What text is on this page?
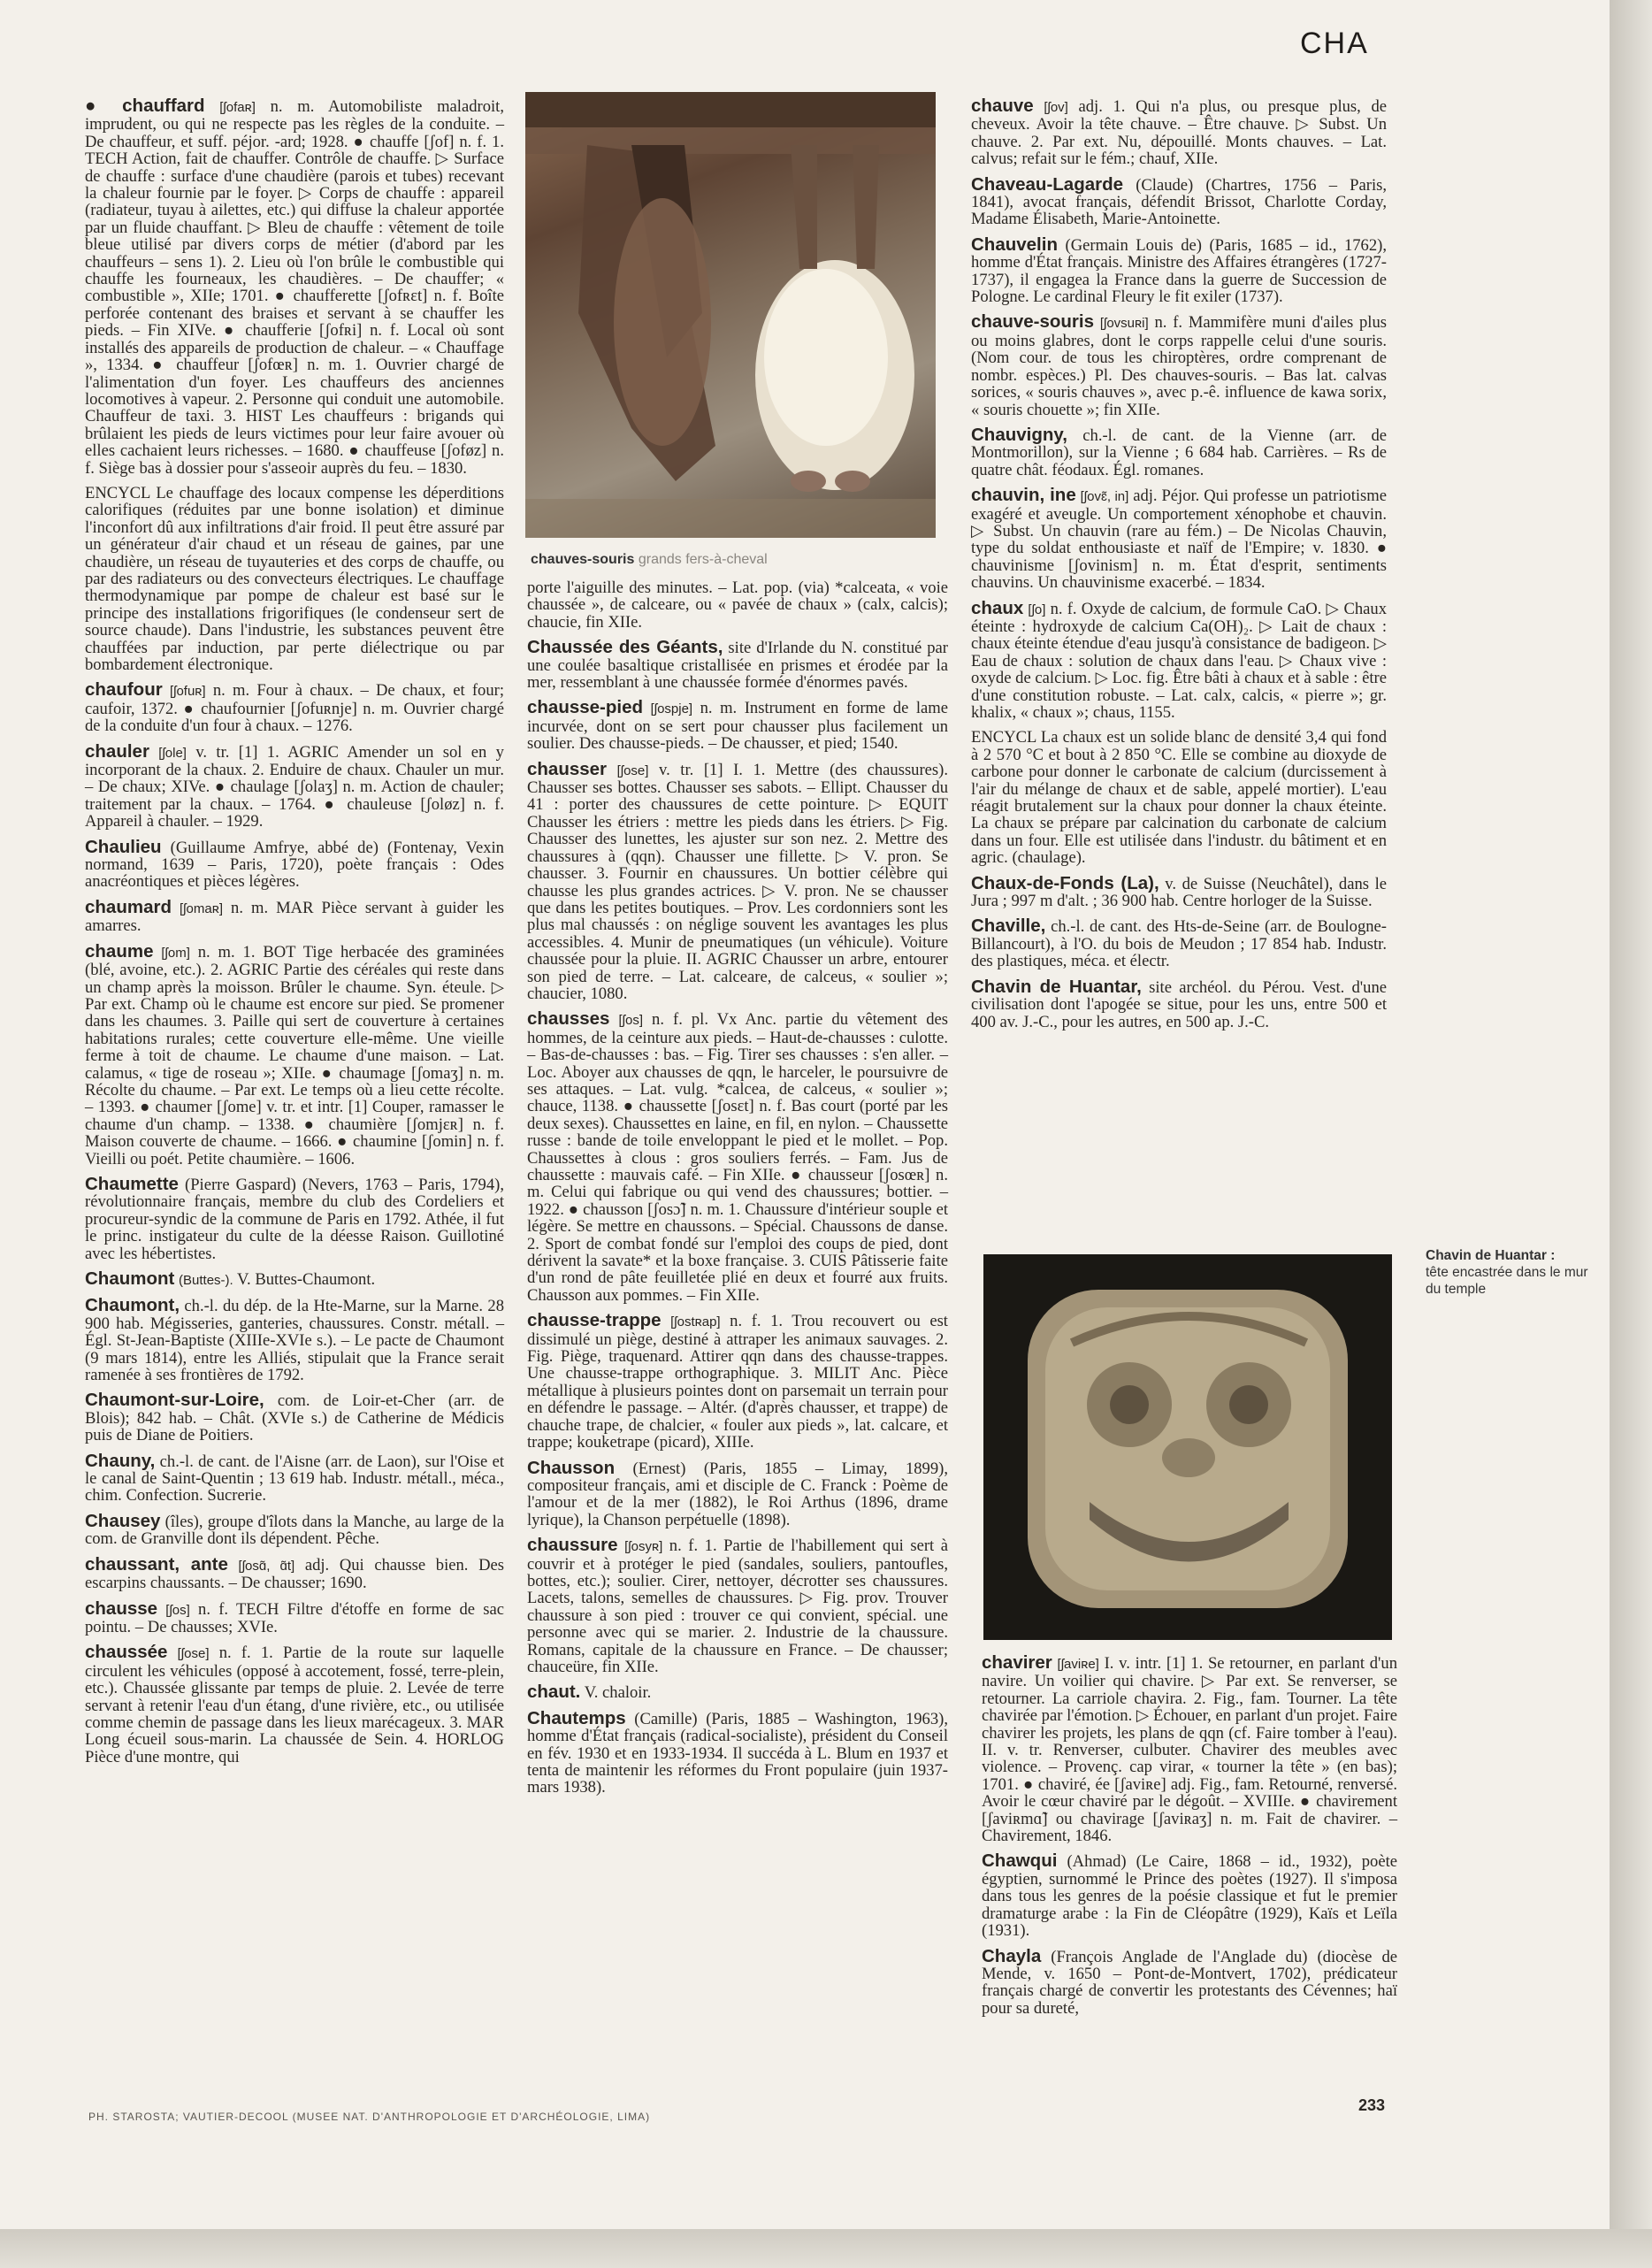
CHA
● chauffard [ʃofaʀ] n. m. Automobiliste maladroit, imprudent, ou qui ne respecte pas les règles de la conduite. – De chauffeur, et suff. péjor. -ard; 1928. ● chauffe [ʃof] n. f. 1. TECH Action, fait de chauffer. Contrôle de chauffe. ▷ Surface de chauffe : surface d'une chaudière (parois et tubes) recevant la chaleur fournie par le foyer. ▷ Corps de chauffe : appareil (radiateur, tuyau à ailettes, etc.) qui diffuse la chaleur apportée par un fluide chauffant. ▷ Bleu de chauffe : vêtement de toile bleue utilisé par divers corps de métier (d'abord par les chauffeurs – sens 1). 2. Lieu où l'on brûle le combustible qui chauffe les fourneaux, les chaudières. – De chauffer; « combustible », XIIe; 1701. ● chaufferette [ʃofʀɛt] n. f. Boîte perforée contenant des braises et servant à se chauffer les pieds. – Fin XIVe. ● chaufferie [ʃofʀi] n. f. Local où sont installés des appareils de production de chaleur. – « Chauffage », 1334. ● chauffeur [ʃofœʀ] n. m. 1. Ouvrier chargé de l'alimentation d'un foyer. Les chauffeurs des anciennes locomotives à vapeur. 2. Personne qui conduit une automobile. Chauffeur de taxi. 3. HIST Les chauffeurs : brigands qui brûlaient les pieds de leurs victimes pour leur faire avouer où elles cachaient leurs richesses. – 1680. ● chauffeuse [ʃoføz] n. f. Siège bas à dossier pour s'asseoir auprès du feu. – 1830.
ENCYCL Le chauffage des locaux compense les déperditions calorifiques (réduites par une bonne isolation) et diminue l'inconfort dû aux infiltrations d'air froid. Il peut être assuré par un générateur d'air chaud et un réseau de gaines, par une chaudière, un réseau de tuyauteries et des corps de chauffe, ou par des radiateurs ou des convecteurs électriques. Le chauffage thermodynamique par pompe de chaleur est basé sur le principe des installations frigorifiques (le condenseur sert de source chaude). Dans l'industrie, les substances peuvent être chauffées par induction, par perte diélectrique ou par bombardement électronique.
chaufour [ʃofuʀ] n. m. Four à chaux. – De chaux, et four; caufoir, 1372. ● chaufournier [ʃofuʀnje] n. m. Ouvrier chargé de la conduite d'un four à chaux. – 1276.
chauler [ʃole] v. tr. [1] 1. AGRIC Amender un sol en y incorporant de la chaux. 2. Enduire de chaux. Chauler un mur. – De chaux; XIVe. ● chaulage [ʃolaʒ] n. m. Action de chauler; traitement par la chaux. – 1764. ● chauleuse [ʃoløz] n. f. Appareil à chauler. – 1929.
Chaulieu (Guillaume Amfrye, abbé de) (Fontenay, Vexin normand, 1639 – Paris, 1720), poète français : Odes anacréontiques et pièces légères.
chaumard [ʃomaʀ] n. m. MAR Pièce servant à guider les amarres.
chaume [ʃom] n. m. 1. BOT Tige herbacée des graminées (blé, avoine, etc.). 2. AGRIC Partie des céréales qui reste dans un champ après la moisson. Brûler le chaume. Syn. éteule. ▷ Par ext. Champ où le chaume est encore sur pied. Se promener dans les chaumes. 3. Paille qui sert de couverture à certaines habitations rurales; cette couverture elle-même. Une vieille ferme à toit de chaume. Le chaume d'une maison. – Lat. calamus, « tige de roseau »; XIIe. ● chaumage [ʃomaʒ] n. m. Récolte du chaume. – Par ext. Le temps où a lieu cette récolte. – 1393. ● chaumer [ʃome] v. tr. et intr. [1] Couper, ramasser le chaume d'un champ. – 1338. ● chaumière [ʃomjɛʀ] n. f. Maison couverte de chaume. – 1666. ● chaumine [ʃomin] n. f. Vieilli ou poét. Petite chaumière. – 1606.
Chaumette (Pierre Gaspard) (Nevers, 1763 – Paris, 1794), révolutionnaire français, membre du club des Cordeliers et procureur-syndic de la commune de Paris en 1792. Athée, il fut le princ. instigateur du culte de la déesse Raison. Guillotiné avec les hébertistes.
Chaumont (Buttes-). V. Buttes-Chaumont.
Chaumont, ch.-l. du dép. de la Hte-Marne, sur la Marne. 28 900 hab. Mégisseries, ganteries, chaussures. Constr. métall. – Égl. St-Jean-Baptiste (XIIIe-XVIe s.). – Le pacte de Chaumont (9 mars 1814), entre les Alliés, stipulait que la France serait ramenée à ses frontières de 1792.
Chaumont-sur-Loire, com. de Loir-et-Cher (arr. de Blois); 842 hab. – Chât. (XVIe s.) de Catherine de Médicis puis de Diane de Poitiers.
Chauny, ch.-l. de cant. de l'Aisne (arr. de Laon), sur l'Oise et le canal de Saint-Quentin ; 13 619 hab. Industr. métall., méca., chim. Confection. Sucrerie.
Chausey (îles), groupe d'îlots dans la Manche, au large de la com. de Granville dont ils dépendent. Pêche.
chaussant, ante [ʃosɑ̃, ɑ̃t] adj. Qui chausse bien. Des escarpins chaussants. – De chausser; 1690.
chausse [ʃos] n. f. TECH Filtre d'étoffe en forme de sac pointu. – De chausses; XVIe.
chaussée [ʃose] n. f. 1. Partie de la route sur laquelle circulent les véhicules (opposé à accotement, fossé, terre-plein, etc.). Chaussée glissante par temps de pluie. 2. Levée de terre servant à retenir l'eau d'un étang, d'une rivière, etc., ou utilisée comme chemin de passage dans les lieux marécageux. 3. MAR Long écueil sous-marin. La chaussée de Sein. 4. HORLOG Pièce d'une montre, qui
chauves-souris grands fers-à-cheval
porte l'aiguille des minutes. – Lat. pop. (via) *calceata, « voie chaussée », de calceare, ou « pavée de chaux » (calx, calcis); chaucie, fin XIIe.
Chaussée des Géants, site d'Irlande du N. constitué par une coulée basaltique cristallisée en prismes et érodée par la mer, ressemblant à une chaussée formée d'énormes pavés.
chausse-pied [ʃospje] n. m. Instrument en forme de lame incurvée, dont on se sert pour chausser plus facilement un soulier. Des chausse-pieds. – De chausser, et pied; 1540.
chausser [ʃose] v. tr. [1] I. 1. Mettre (des chaussures). Chausser ses bottes. Chausser ses sabots. – Ellipt. Chausser du 41 : porter des chaussures de cette pointure. ▷ EQUIT Chausser les étriers : mettre les pieds dans les étriers. ▷ Fig. Chausser des lunettes, les ajuster sur son nez. 2. Mettre des chaussures à (qqn). Chausser une fillette. ▷ V. pron. Se chausser. 3. Fournir en chaussures. Un bottier célèbre qui chausse les plus grandes actrices. ▷ V. pron. Ne se chausser que dans les petites boutiques. – Prov. Les cordonniers sont les plus mal chaussés : on néglige souvent les avantages les plus accessibles. 4. Munir de pneumatiques (un véhicule). Voiture chaussée pour la pluie. II. AGRIC Chausser un arbre, entourer son pied de terre. – Lat. calceare, de calceus, « soulier »; chaucier, 1080.
chausses [ʃos] n. f. pl. Vx Anc. partie du vêtement des hommes, de la ceinture aux pieds. – Haut-de-chausses : culotte. – Bas-de-chausses : bas. – Fig. Tirer ses chausses : s'en aller. – Loc. Aboyer aux chausses de qqn, le harceler, le poursuivre de ses attaques. – Lat. vulg. *calcea, de calceus, « soulier »; chauce, 1138. ● chaussette [ʃosɛt] n. f. Bas court (porté par les deux sexes). Chaussettes en laine, en fil, en nylon. – Chaussette russe : bande de toile enveloppant le pied et le mollet. – Pop. Chaussettes à clous : gros souliers ferrés. – Fam. Jus de chaussette : mauvais café. – Fin XIIe. ● chausseur [ʃosœʀ] n. m. Celui qui fabrique ou qui vend des chaussures; bottier. – 1922. ● chausson [ʃosɔ̃] n. m. 1. Chaussure d'intérieur souple et légère. Se mettre en chaussons. – Spécial. Chaussons de danse. 2. Sport de combat fondé sur l'emploi des coups de pied, dont dérivent la savate* et la boxe française. 3. CUIS Pâtisserie faite d'un rond de pâte feuilletée plié en deux et fourré aux fruits. Chausson aux pommes. – Fin XIIe.
chausse-trappe [ʃostʀap] n. f. 1. Trou recouvert ou est dissimulé un piège, destiné à attraper les animaux sauvages. 2. Fig. Piège, traquenard. Attirer qqn dans des chausse-trappes. Une chausse-trappe orthographique. 3. MILIT Anc. Pièce métallique à plusieurs pointes dont on parsemait un terrain pour en défendre le passage. – Altér. (d'après chausser, et trappe) de chauche trape, de chalcier, « fouler aux pieds », lat. calcare, et trappe; kouketrape (picard), XIIIe.
Chausson (Ernest) (Paris, 1855 – Limay, 1899), compositeur français, ami et disciple de C. Franck : Poème de l'amour et de la mer (1882), le Roi Arthus (1896, drame lyrique), la Chanson perpétuelle (1898).
chaussure [ʃosyʀ] n. f. 1. Partie de l'habillement qui sert à couvrir et à protéger le pied (sandales, souliers, pantoufles, bottes, etc.); soulier. Cirer, nettoyer, décrotter ses chaussures. Lacets, talons, semelles de chaussures. ▷ Fig. prov. Trouver chaussure à son pied : trouver ce qui convient, spécial. une personne avec qui se marier. 2. Industrie de la chaussure. Romans, capitale de la chaussure en France. – De chausser; chauceüre, fin XIIe.
chaut. V. chaloir.
Chautemps (Camille) (Paris, 1885 – Washington, 1963), homme d'État français (radical-socialiste), président du Conseil en fév. 1930 et en 1933-1934. Il succéda à L. Blum en 1937 et tenta de maintenir les réformes du Front populaire (juin 1937-mars 1938).
chauve [ʃov] adj. 1. Qui n'a plus, ou presque plus, de cheveux. Avoir la tête chauve. – Être chauve. ▷ Subst. Un chauve. 2. Par ext. Nu, dépouillé. Monts chauves. – Lat. calvus; refait sur le fém.; chauf, XIIe.
Chaveau-Lagarde (Claude) (Chartres, 1756 – Paris, 1841), avocat français, défendit Brissot, Charlotte Corday, Madame Élisabeth, Marie-Antoinette.
Chauvelin (Germain Louis de) (Paris, 1685 – id., 1762), homme d'État français. Ministre des Affaires étrangères (1727-1737), il engagea la France dans la guerre de Succession de Pologne. Le cardinal Fleury le fit exiler (1737).
chauve-souris [ʃovsuʀi] n. f. Mammifère muni d'ailes plus ou moins glabres, dont le corps rappelle celui d'une souris. (Nom cour. de tous les chiroptères, ordre comprenant de nombr. espèces.) Pl. Des chauves-souris. – Bas lat. calvas sorices, « souris chauves », avec p.-ê. influence de kawa sorix, « souris chouette »; fin XIIe.
Chauvigny, ch.-l. de cant. de la Vienne (arr. de Montmorillon), sur la Vienne ; 6 684 hab. Carrières. – Rs de quatre chât. féodaux. Égl. romanes.
chauvin, ine [ʃovɛ̃, in] adj. Péjor. Qui professe un patriotisme exagéré et aveugle. Un comportement xénophobe et chauvin. ▷ Subst. Un chauvin (rare au fém.) – De Nicolas Chauvin, type du soldat enthousiaste et naïf de l'Empire; v. 1830. ● chauvinisme [ʃovinism] n. m. État d'esprit, sentiments chauvins. Un chauvinisme exacerbé. – 1834.
chaux [ʃo] n. f. Oxyde de calcium, de formule CaO. ▷ Chaux éteinte : hydroxyde de calcium Ca(OH)₂. ▷ Lait de chaux : chaux éteinte étendue d'eau jusqu'à consistance de badigeon. ▷ Eau de chaux : solution de chaux dans l'eau. ▷ Chaux vive : oxyde de calcium. ▷ Loc. fig. Être bâti à chaux et à sable : être d'une constitution robuste. – Lat. calx, calcis, « pierre »; gr. khalix, « chaux »; chaus, 1155.
ENCYCL La chaux est un solide blanc de densité 3,4 qui fond à 2 570 °C et bout à 2 850 °C. Elle se combine au dioxyde de carbone pour donner le carbonate de calcium (durcissement à l'air du mélange de chaux et de sable, appelé mortier). L'eau réagit brutalement sur la chaux pour donner la chaux éteinte. La chaux se prépare par calcination du carbonate de calcium dans un four. Elle est utilisée dans l'industr. du bâtiment et en agric. (chaulage).
Chaux-de-Fonds (La), v. de Suisse (Neuchâtel), dans le Jura ; 997 m d'alt. ; 36 900 hab. Centre horloger de la Suisse.
Chaville, ch.-l. de cant. des Hts-de-Seine (arr. de Boulogne-Billancourt), à l'O. du bois de Meudon ; 17 854 hab. Industr. des plastiques, méca. et électr.
Chavin de Huantar, site archéol. du Pérou. Vest. d'une civilisation dont l'apogée se situe, pour les uns, entre 500 et 400 av. J.-C., pour les autres, en 500 ap. J.-C.
Chavin de Huantar :
tête encastrée dans le mur du temple
chavirer [ʃaviʀe] I. v. intr. [1] 1. Se retourner, en parlant d'un navire. Un voilier qui chavire. ▷ Par ext. Se renverser, se retourner. La carriole chavira. 2. Fig., fam. Tourner. La tête chavirée par l'émotion. ▷ Échouer, en parlant d'un projet. Faire chavirer les projets, les plans de qqn (cf. Faire tomber à l'eau). II. v. tr. Renverser, culbuter. Chavirer des meubles avec violence. – Provenç. cap virar, « tourner la tête » (en bas); 1701. ● chaviré, ée [ʃaviʀe] adj. Fig., fam. Retourné, renversé. Avoir le cœur chaviré par le dégoût. – XVIIIe. ● chavirement [ʃaviʀmɑ̃] ou chavirage [ʃaviʀaʒ] n. m. Fait de chavirer. – Chavirement, 1846.
Chawqui (Ahmad) (Le Caire, 1868 – id., 1932), poète égyptien, surnommé le Prince des poètes (1927). Il s'imposa dans tous les genres de la poésie classique et fut le premier dramaturge arabe : la Fin de Cléopâtre (1929), Kaïs et Leïla (1931).
Chayla (François Anglade de l'Anglade du) (diocèse de Mende, v. 1650 – Pont-de-Montvert, 1702), prédicateur français chargé de convertir les protestants des Cévennes; haï pour sa dureté,
PH. STAROSTA; VAUTIER-DECOOL (MUSEE NAT. D'ANTHROPOLOGIE ET D'ARCHÉOLOGIE, LIMA)
233
